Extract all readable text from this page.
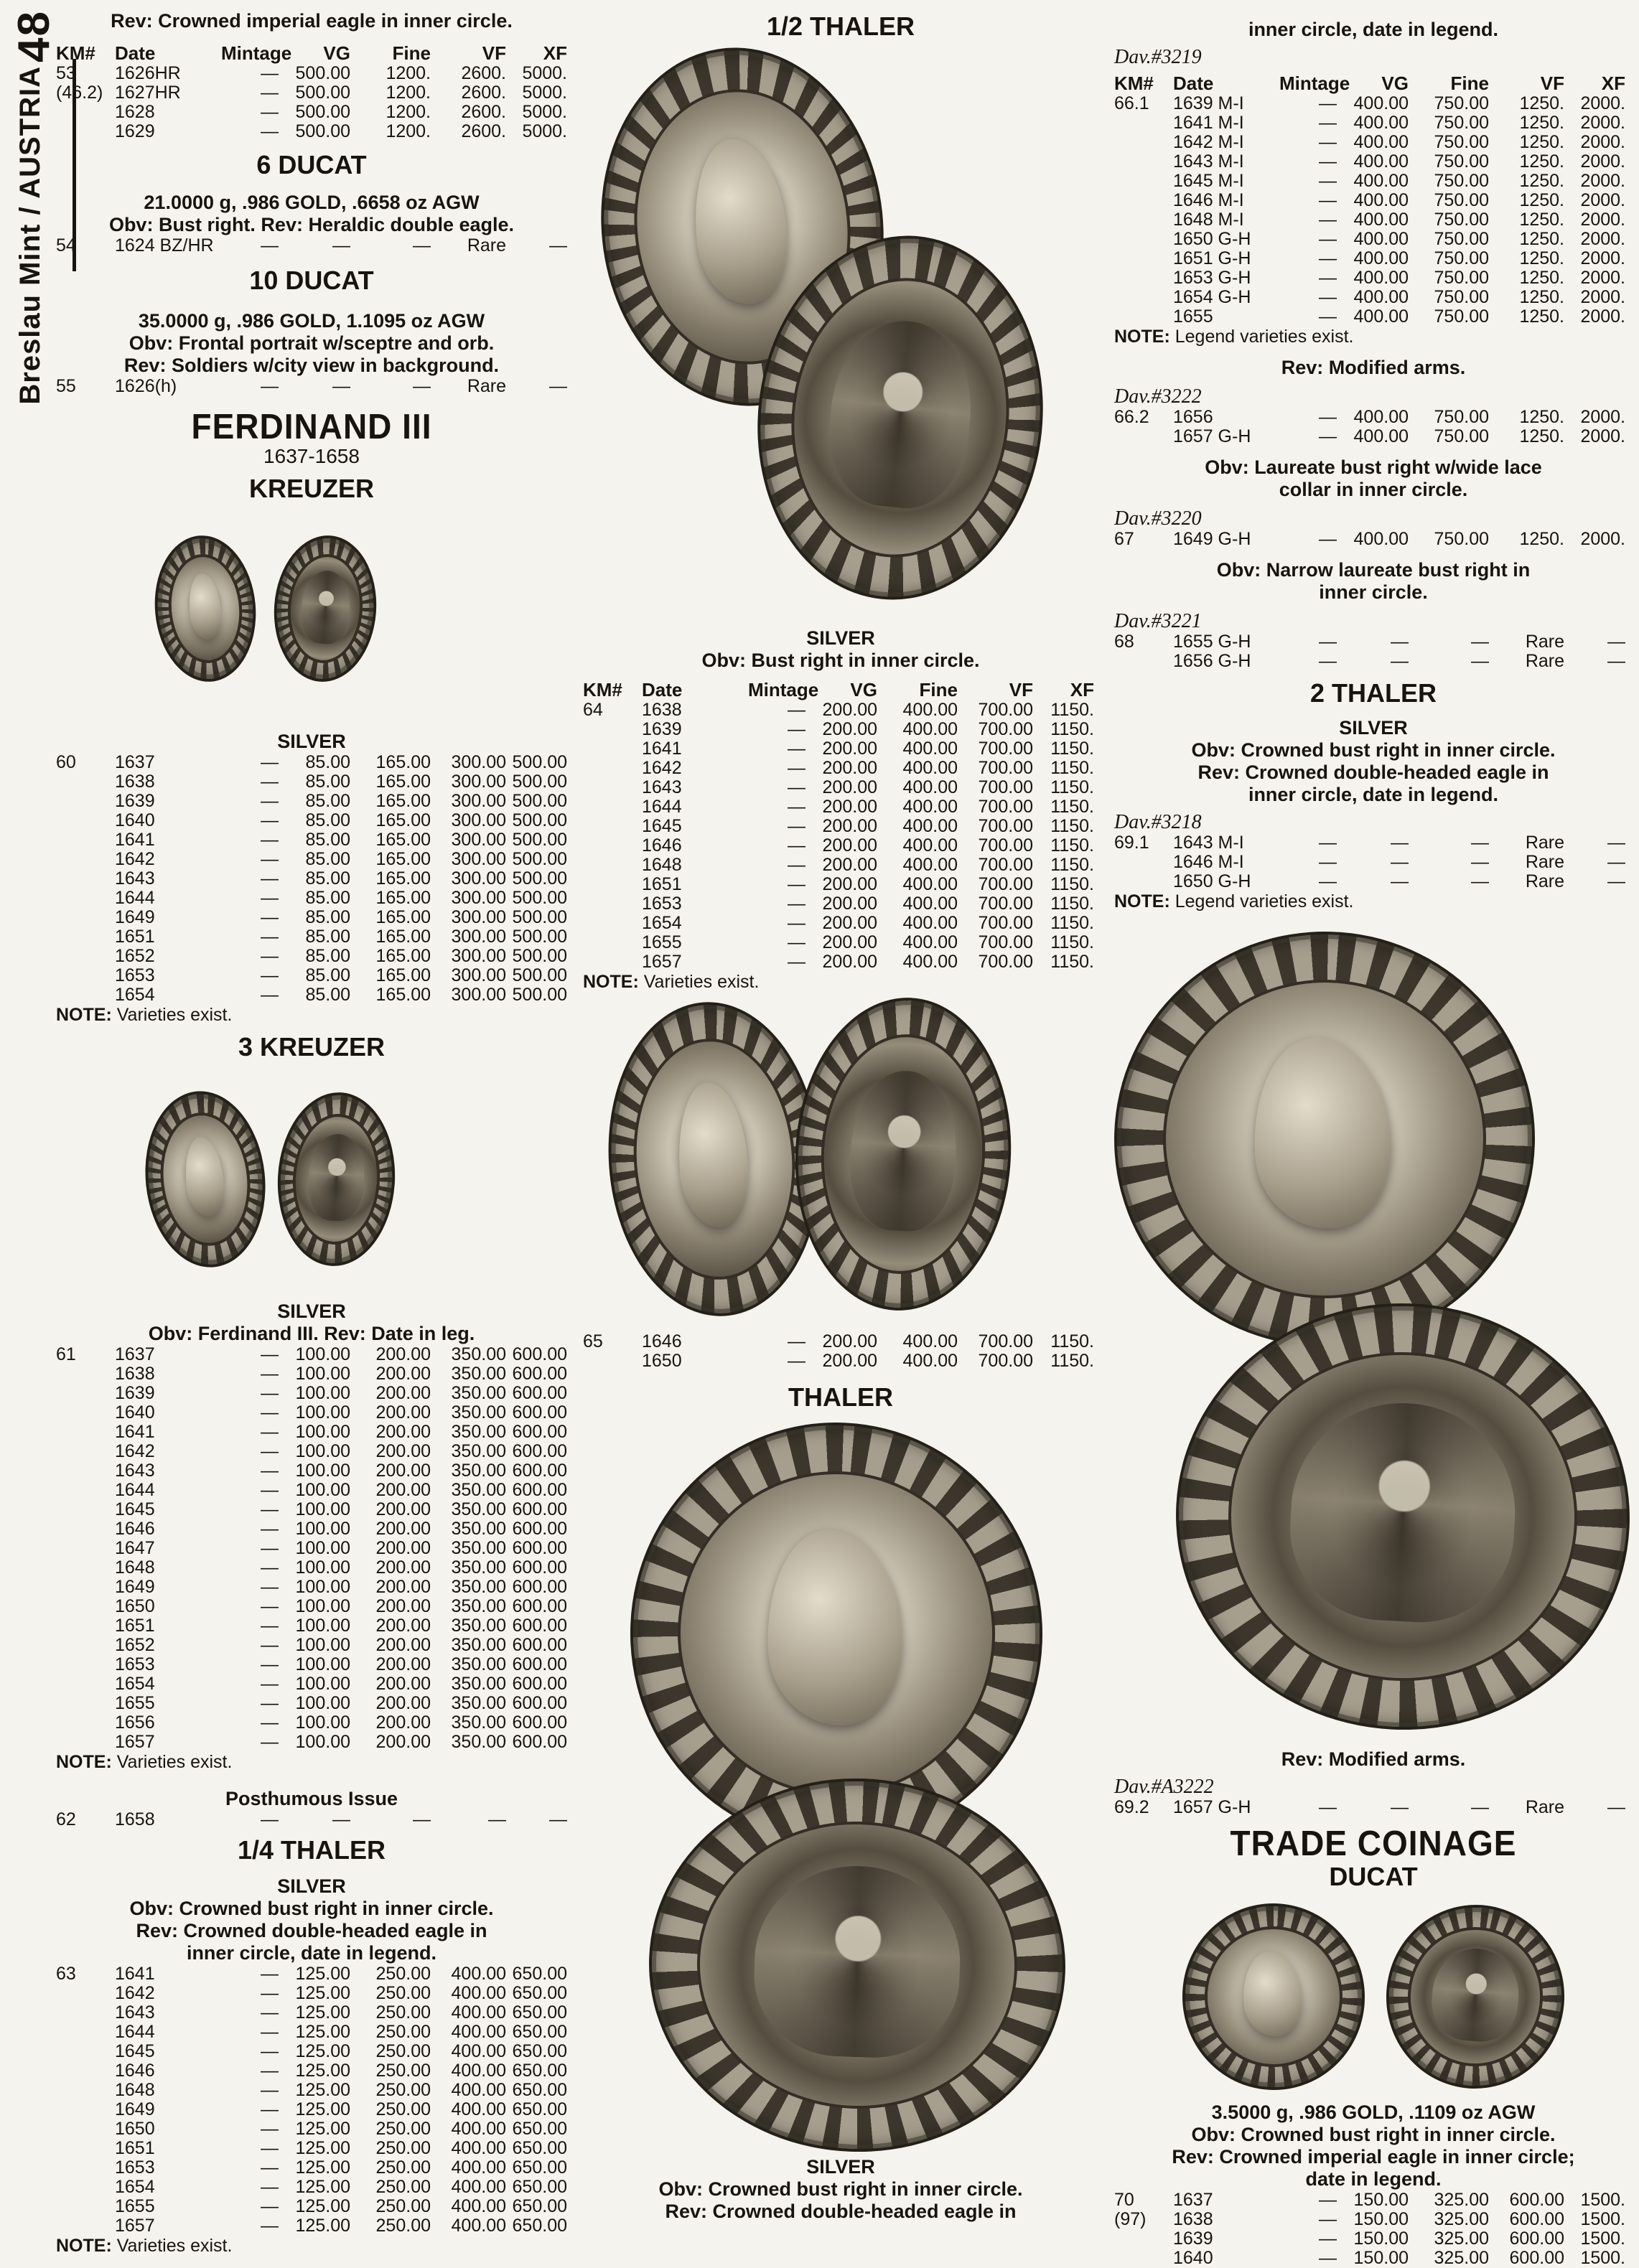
48
Breslau Mint / AUSTRIA
Rev: Crowned imperial eagle in inner circle.
KM#	Date	Mintage	VG	Fine	VF	XF
53	1626HR	— 500.00	1200.	2600. 5000.
(46.2) 1627HR	— 500.00	1200.	2600. 5000.
1628	— 500.00	1200.	2600. 5000.
1629	— 500.00	1200.	2600. 5000.
6 DUCAT
21.0000 g, .986 GOLD, .6658 oz AGW
Obv: Bust right. Rev: Heraldic double eagle.
54	1624 BZ/HR	—	—	—	Rare	—
10 DUCAT
35.0000 g, .986 GOLD, 1.1095 oz AGW
Obv: Frontal portrait w/sceptre and orb.
Rev: Soldiers w/city view in background.
55	1626(h)	—	—	—	Rare	—
FERDINAND III
1637-1658
KREUZER
SILVER
60	1637	—	85.00	165.00	300.00 500.00
1638	—	85.00	165.00	300.00 500.00
1639	—	85.00	165.00	300.00 500.00
1640	—	85.00	165.00	300.00 500.00
1641	—	85.00	165.00	300.00 500.00
1642	—	85.00	165.00	300.00 500.00
1643	—	85.00	165.00	300.00 500.00
1644	—	85.00	165.00	300.00 500.00
1649	—	85.00	165.00	300.00 500.00
1651	—	85.00	165.00	300.00 500.00
1652	—	85.00	165.00	300.00 500.00
1653	—	85.00	165.00	300.00 500.00
1654	—	85.00	165.00	300.00 500.00
NOTE: Varieties exist.
3 KREUZER
SILVER
Obv: Ferdinand III. Rev: Date in leg.
61	1637	— 100.00	200.00	350.00 600.00
1638	— 100.00	200.00	350.00 600.00
1639	— 100.00	200.00	350.00 600.00
1640	— 100.00	200.00	350.00 600.00
1641	— 100.00	200.00	350.00 600.00
1642	— 100.00	200.00	350.00 600.00
1643	— 100.00	200.00	350.00 600.00
1644	— 100.00	200.00	350.00 600.00
1645	— 100.00	200.00	350.00 600.00
1646	— 100.00	200.00	350.00 600.00
1647	— 100.00	200.00	350.00 600.00
1648	— 100.00	200.00	350.00 600.00
1649	— 100.00	200.00	350.00 600.00
1650	— 100.00	200.00	350.00 600.00
1651	— 100.00	200.00	350.00 600.00
1652	— 100.00	200.00	350.00 600.00
1653	— 100.00	200.00	350.00 600.00
1654	— 100.00	200.00	350.00 600.00
1655	— 100.00	200.00	350.00 600.00
1656	— 100.00	200.00	350.00 600.00
1657	— 100.00	200.00	350.00 600.00
NOTE: Varieties exist.
Posthumous Issue
62	1658	—	—	—	—	—
1/4 THALER
SILVER
Obv: Crowned bust right in inner circle.
Rev: Crowned double-headed eagle in
inner circle, date in legend.
63	1641	— 125.00	250.00	400.00 650.00
1642	— 125.00	250.00	400.00 650.00
1643	— 125.00	250.00	400.00 650.00
1644	— 125.00	250.00	400.00 650.00
1645	— 125.00	250.00	400.00 650.00
1646	— 125.00	250.00	400.00 650.00
1648	— 125.00	250.00	400.00 650.00
1649	— 125.00	250.00	400.00 650.00
1650	— 125.00	250.00	400.00 650.00
1651	— 125.00	250.00	400.00 650.00
1653	— 125.00	250.00	400.00 650.00
1654	— 125.00	250.00	400.00 650.00
1655	— 125.00	250.00	400.00 650.00
1657	— 125.00	250.00	400.00 650.00
NOTE: Varieties exist.
1/2 THALER
SILVER
Obv: Bust right in inner circle.
KM#	Date	Mintage	VG	Fine	VF	XF
64	1638	— 200.00	400.00	700.00 1150.
1639	— 200.00	400.00	700.00 1150.
1641	— 200.00	400.00	700.00 1150.
1642	— 200.00	400.00	700.00 1150.
1643	— 200.00	400.00	700.00 1150.
1644	— 200.00	400.00	700.00 1150.
1645	— 200.00	400.00	700.00 1150.
1646	— 200.00	400.00	700.00 1150.
1648	— 200.00	400.00	700.00 1150.
1651	— 200.00	400.00	700.00 1150.
1653	— 200.00	400.00	700.00 1150.
1654	— 200.00	400.00	700.00 1150.
1655	— 200.00	400.00	700.00 1150.
1657	— 200.00	400.00	700.00 1150.
NOTE: Varieties exist.
65	1646	— 200.00	400.00	700.00 1150.
1650	— 200.00	400.00	700.00 1150.
THALER
SILVER
Obv: Crowned bust right in inner circle.
Rev: Crowned double-headed eagle in
inner circle, date in legend.
Dav.#3219
KM#	Date	Mintage	VG	Fine	VF	XF
66.1	1639 M-I	— 400.00	750.00	1250. 2000.
1641 M-I	— 400.00	750.00	1250. 2000.
1642 M-I	— 400.00	750.00	1250. 2000.
1643 M-I	— 400.00	750.00	1250. 2000.
1645 M-I	— 400.00	750.00	1250. 2000.
1646 M-I	— 400.00	750.00	1250. 2000.
1648 M-I	— 400.00	750.00	1250. 2000.
1650 G-H	— 400.00	750.00	1250. 2000.
1651 G-H	— 400.00	750.00	1250. 2000.
1653 G-H	— 400.00	750.00	1250. 2000.
1654 G-H	— 400.00	750.00	1250. 2000.
1655	— 400.00	750.00	1250. 2000.
NOTE: Legend varieties exist.
Rev: Modified arms.
Dav.#3222
66.2	1656	— 400.00	750.00	1250. 2000.
1657 G-H	— 400.00	750.00	1250. 2000.
Obv: Laureate bust right w/wide lace
collar in inner circle.
Dav.#3220
67	1649 G-H	— 400.00	750.00	1250. 2000.
Obv: Narrow laureate bust right in
inner circle.
Dav.#3221
68	1655 G-H	—	—	—	Rare	—
1656 G-H	—	—	—	Rare	—
2 THALER
SILVER
Obv: Crowned bust right in inner circle.
Rev: Crowned double-headed eagle in
inner circle, date in legend.
Dav.#3218
69.1	1643 M-I	—	—	—	Rare	—
1646 M-I	—	—	—	Rare	—
1650 G-H	—	—	—	Rare	—
NOTE: Legend varieties exist.
Rev: Modified arms.
Dav.#A3222
69.2	1657 G-H	—	—	—	Rare	—
TRADE COINAGE
DUCAT
3.5000 g, .986 GOLD, .1109 oz AGW
Obv: Crowned bust right in inner circle.
Rev: Crowned imperial eagle in inner circle;
date in legend.
70	1637	— 150.00	325.00	600.00 1500.
(97)	1638	— 150.00	325.00	600.00 1500.
1639	— 150.00	325.00	600.00 1500.
1640	— 150.00	325.00	600.00 1500.
